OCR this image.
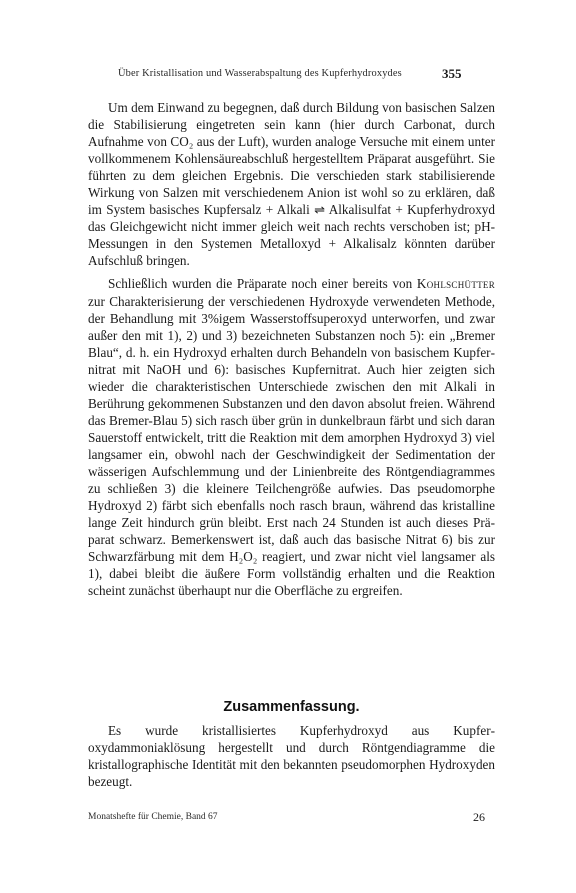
Über Kristallisation und Wasserabspaltung des Kupferhydroxydes	355

Um dem Einwand zu begegnen, daß durch Bildung von basischen Salzen die Stabilisierung eingetreten sein kann (hier durch Carbonat, durch Aufnahme von CO₂ aus der Luft), wurden analoge Versuche mit einem unter vollkommenem Kohlensäureabschluß hergestelltem Präparat ausgeführt. Sie führten zu dem gleichen Ergebnis. Die verschieden stark stabilisierende Wirkung von Salzen mit verschiedenem Anion ist wohl so zu erklären, daß im System basisches Kupfersalz + Alkali ⇌ Alkalisulfat + Kupferhydroxyd das Gleichgewicht nicht immer gleich weit nach rechts verschoben ist; pH-Messungen in den Systemen Metalloxyd + Alkalisalz könnten darüber Aufschluß bringen.

Schließlich wurden die Präparate noch einer bereits von Kohlschütter zur Charakterisierung der verschiedenen Hydroxyde verwendeten Methode, der Behandlung mit 3%igem Wasserstoffsuperoxyd unterworfen, und zwar außer den mit 1), 2) und 3) bezeichneten Substanzen noch 5): ein „Bremer Blau“, d. h. ein Hydroxyd erhalten durch Behandeln von basischem Kupfernitrat mit NaOH und 6): basisches Kupfernitrat. Auch hier zeigten sich wieder die charakteristischen Unterschiede zwischen den mit Alkali in Berührung gekommenen Substanzen und den davon absolut freien. Während das Bremer-Blau 5) sich rasch über grün in dunkelbraun färbt und sich daran Sauerstoff entwickelt, tritt die Reaktion mit dem amorphen Hydroxyd 3) viel langsamer ein, obwohl nach der Geschwindigkeit der Sedimentation der wässerigen Aufschlemmung und der Linienbreite des Röntgendiagrammes zu schließen 3) die kleinere Teilchengröße aufwies. Das pseudomorphe Hydroxyd 2) färbt sich ebenfalls noch rasch braun, während das kristalline lange Zeit hindurch grün bleibt. Erst nach 24 Stunden ist auch dieses Präparat schwarz. Bemerkenswert ist, daß auch das basische Nitrat 6) bis zur Schwarzfärbung mit dem H₂O₂ reagiert, und zwar nicht viel langsamer als 1), dabei bleibt die äußere Form vollständig erhalten und die Reaktion scheint zunächst überhaupt nur die Oberfläche zu ergreifen.

Zusammenfassung.

Es wurde kristallisiertes Kupferhydroxyd aus Kupferoxydammoniaklösung hergestellt und durch Röntgendiagramme die kristallographische Identität mit den bekannten pseudomorphen Hydroxyden bezeugt.

Monatshefte für Chemie, Band 67	26
